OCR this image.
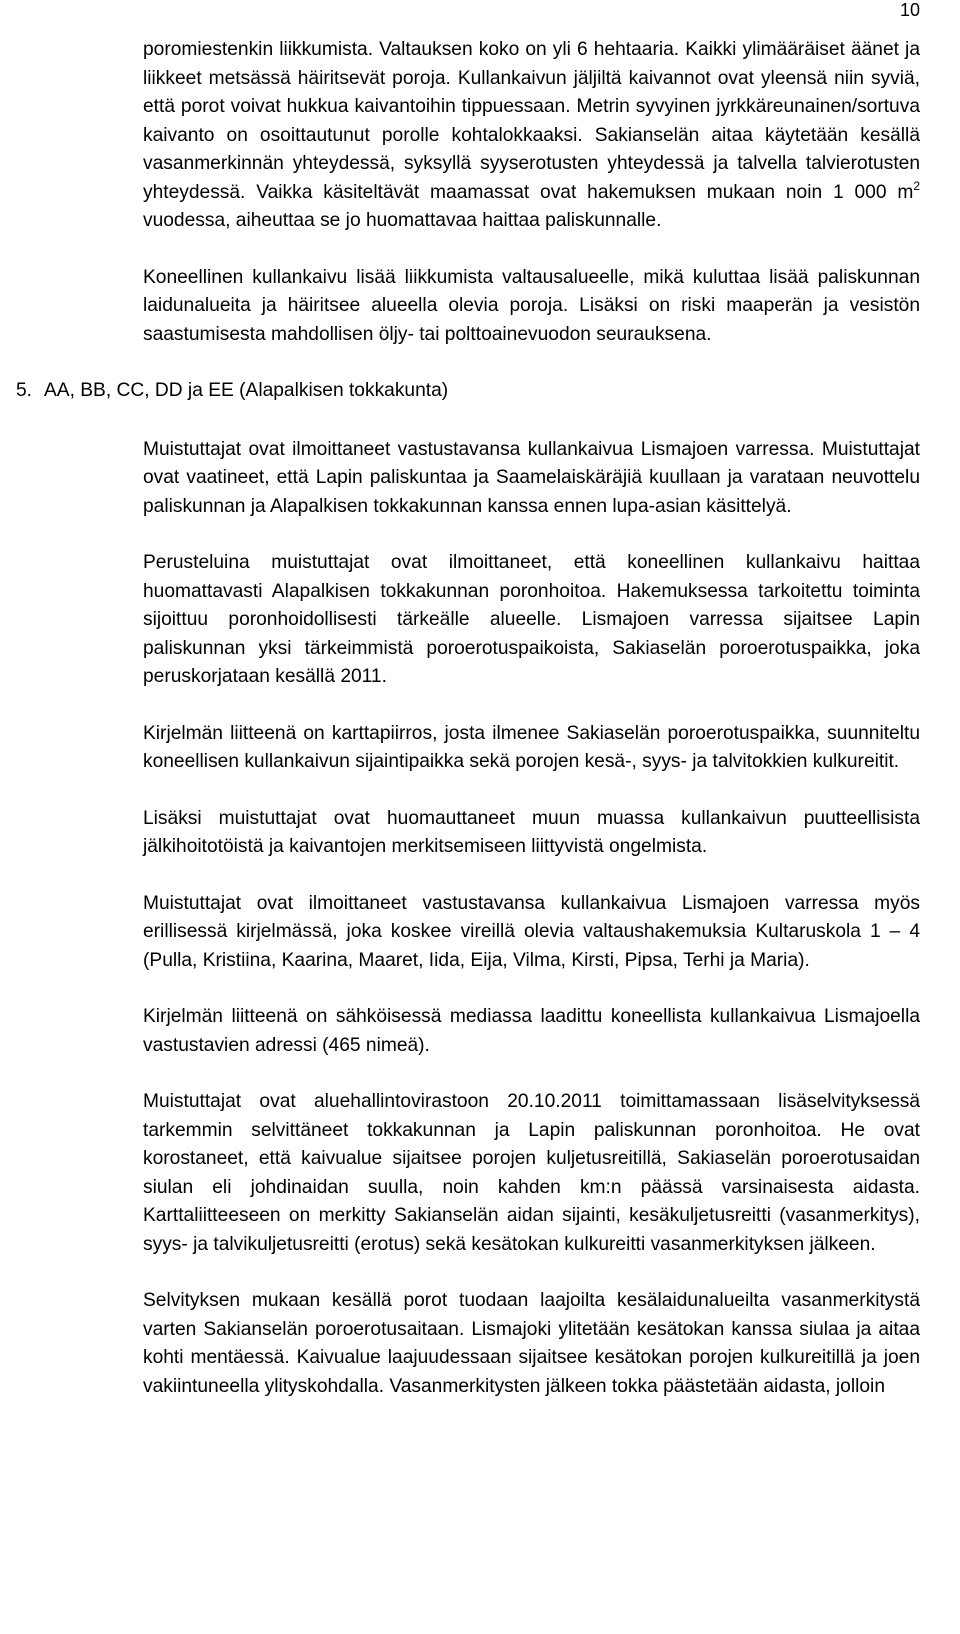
10

poromiestenkin liikkumista. Valtauksen koko on yli 6 hehtaaria. Kaikki ylimääräiset äänet ja liikkeet metsässä häiritsevät poroja. Kullankaivun jäljiltä kaivannot ovat yleensä niin syviä, että porot voivat hukkua kaivantoihin tippuessaan. Metrin syvyinen jyrkkäreunainen/sortuva kaivanto on osoittautunut porolle kohtalokkaaksi. Sakianselän aitaa käytetään kesällä vasanmerkinnän yhteydessä, syksyllä syyserotusten yhteydessä ja talvella talvierotusten yhteydessä. Vaikka käsiteltävät maamassat ovat hakemuksen mukaan noin 1 000 $m^2$ vuodessa, aiheuttaa se jo huomattavaa haittaa paliskunnalle.

Koneellinen kullankaivu lisää liikkumista valtausalueelle, mikä kuluttaa lisää paliskunnan laidunalueita ja häiritsee alueella olevia poroja. Lisäksi on riski maaperän ja vesistön saastumisesta mahdollisen öljy- tai polttoainevuodon seurauksena.

5. AA, BB, CC, DD ja EE (Alapalkisen tokkakunta)

Muistuttajat ovat ilmoittaneet vastustavansa kullankaivua Lismajoen varressa. Muistuttajat ovat vaatineet, että Lapin paliskuntaa ja Saamelaiskäräjiä kuullaan ja varataan neuvottelu paliskunnan ja Alapalkisen tokkakunnan kanssa ennen lupa-asian käsittelyä.

Perusteluina muistuttajat ovat ilmoittaneet, että koneellinen kullankaivu haittaa huomattavasti Alapalkisen tokkakunnan poronhoitoa. Hakemuksessa tarkoitettu toiminta sijoittuu poronhoidollisesti tärkeälle alueelle. Lismajoen varressa sijaitsee Lapin paliskunnan yksi tärkeimmistä poroerotuspaikoista, Sakiaselän poroerotuspaikka, joka peruskorjataan kesällä 2011.

Kirjelmän liitteenä on karttapiirros, josta ilmenee Sakiaselän poroerotuspaikka, suunniteltu koneellisen kullankaivun sijaintipaikka sekä porojen kesä-, syys- ja talvitokkien kulkureitit.

Lisäksi muistuttajat ovat huomauttaneet muun muassa kullankaivun puutteellisista jälkihoitotöistä ja kaivantojen merkitsemiseen liittyvistä ongelmista.

Muistuttajat ovat ilmoittaneet vastustavansa kullankaivua Lismajoen varressa myös erillisessä kirjelmässä, joka koskee vireillä olevia valtaushakemuksia Kultaruskola 1 – 4 (Pulla, Kristiina, Kaarina, Maaret, Iida, Eija, Vilma, Kirsti, Pipsa, Terhi ja Maria).

Kirjelmän liitteenä on sähköisessä mediassa laadittu koneellista kullankaivua Lismajoella vastustavien adressi (465 nimeä).

Muistuttajat ovat aluehallintovirastoon 20.10.2011 toimittamassaan lisäselvityksessä tarkemmin selvittäneet tokkakunnan ja Lapin paliskunnan poronhoitoa. He ovat korostaneet, että kaivualue sijaitsee porojen kuljetusreitillä, Sakiaselän poroerotusaidan siulan eli johdinaidan suulla, noin kahden km:n päässä varsinaisesta aidasta. Karttaliitteeseen on merkitty Sakianselän aidan sijainti, kesäkuljetusreitti (vasanmerkitys), syys- ja talvikuljetusreitti (erotus) sekä kesätokan kulkureitti vasanmerkityksen jälkeen.

Selvityksen mukaan kesällä porot tuodaan laajoilta kesälaidunalueilta vasanmerkitystä varten Sakianselän poroerotusaitaan. Lismajoki ylitetään kesätokan kanssa siulaa ja aitaa kohti mentäessä. Kaivualue laajuudessaan sijaitsee kesätokan porojen kulkureitillä ja joen vakiintuneella ylityskohdalla. Vasanmerkitysten jälkeen tokka päästetään aidasta, jolloin
